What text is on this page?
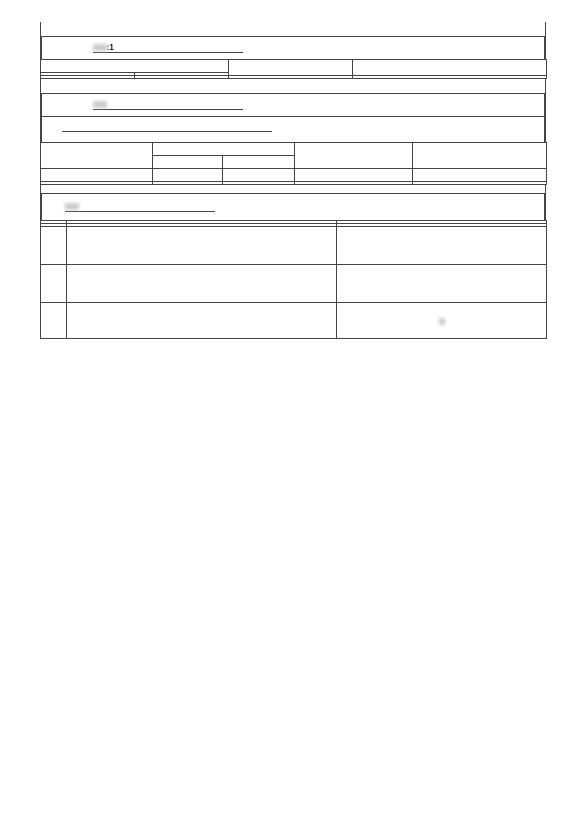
:1
